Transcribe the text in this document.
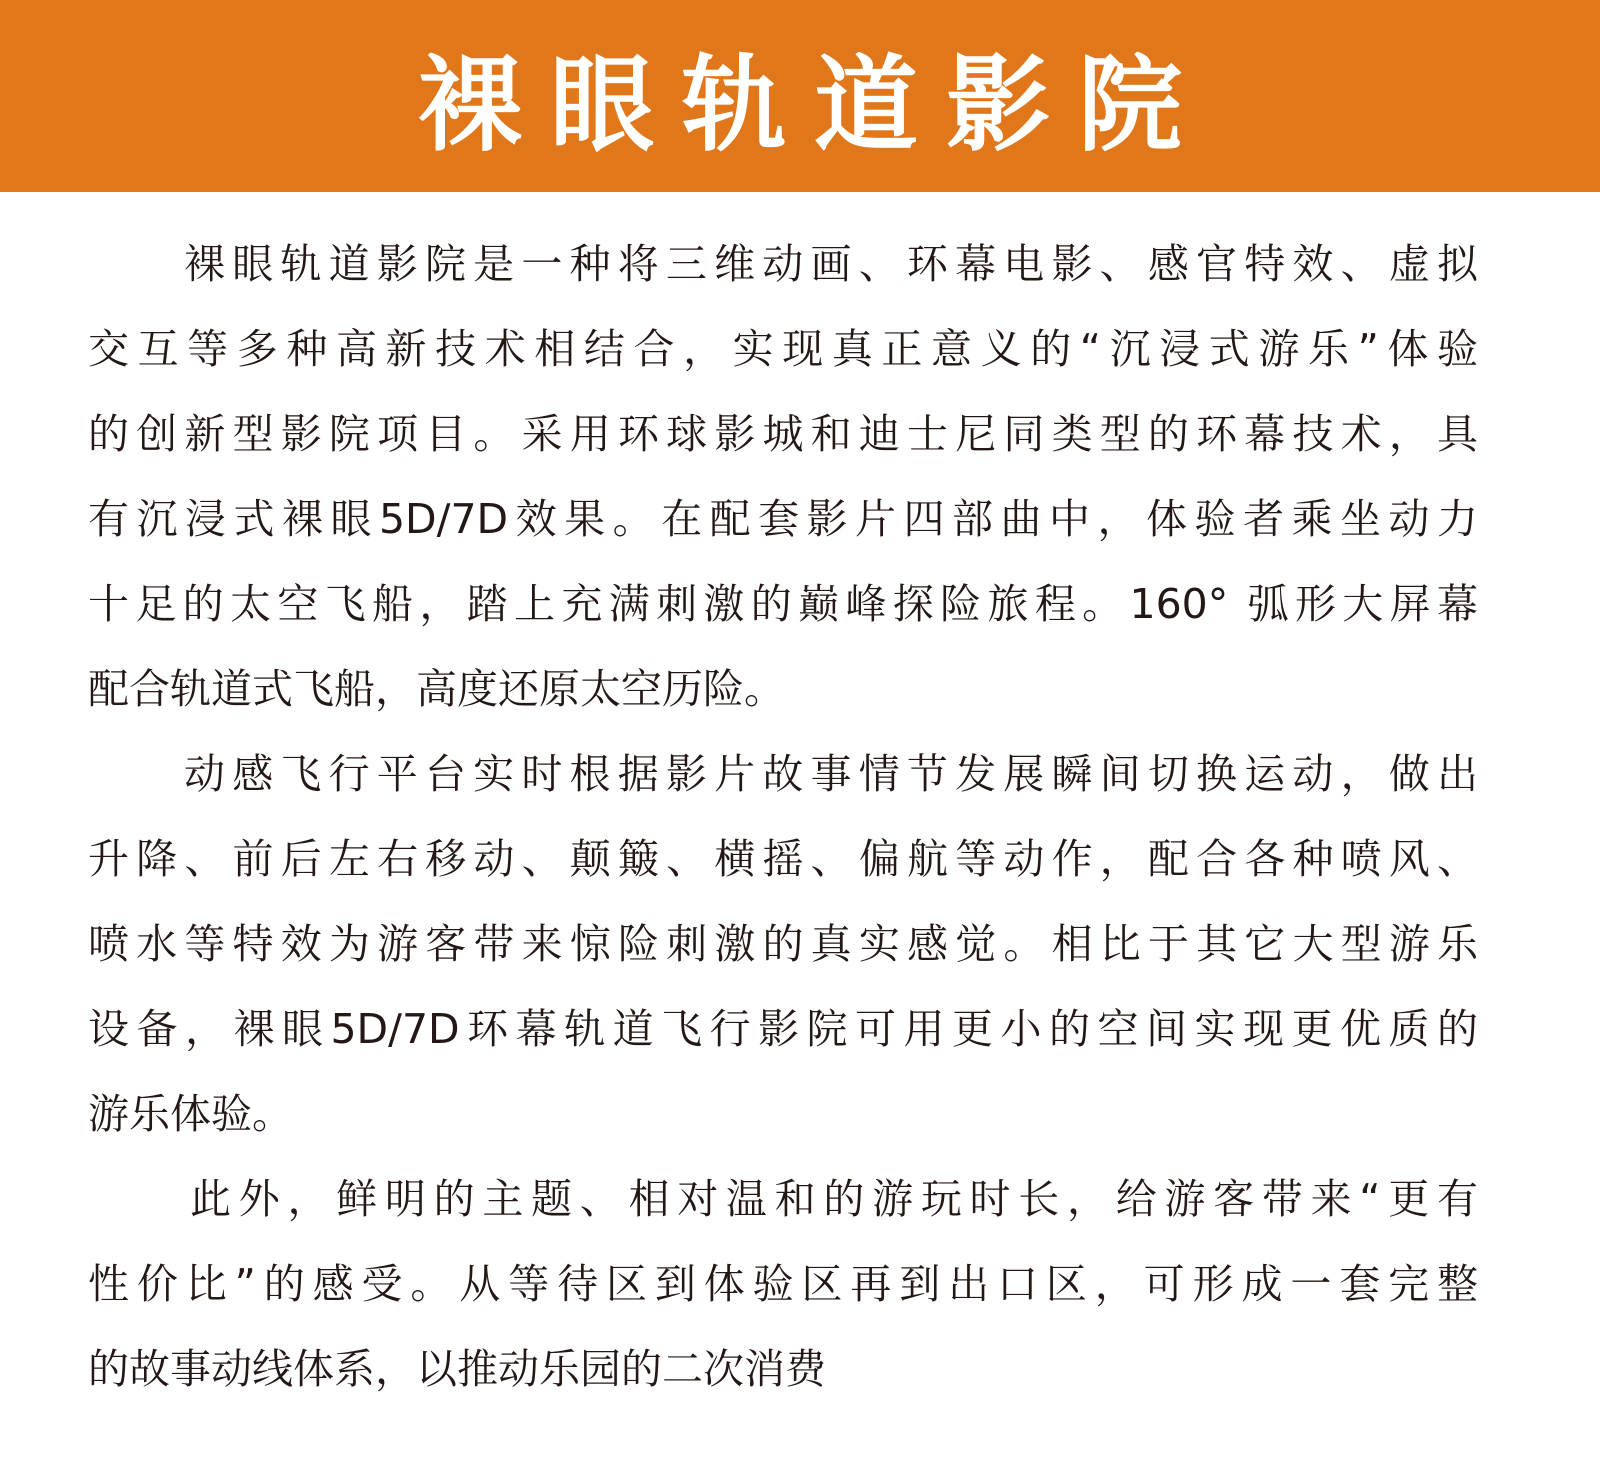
裸眼轨道影院
裸眼轨道影院是一种将三维动画、环幕电影、感官特效、虚拟
交互等多种高新技术相结合，实现真正意义的“沉浸式游乐”体验
的创新型影院项目。采用环球影城和迪士尼同类型的环幕技术，具
有沉浸式裸眼5D/7D效果。在配套影片四部曲中，体验者乘坐动力
十足的太空飞船，踏上充满刺激的巅峰探险旅程。160° 弧形大屏幕
配合轨道式飞船，高度还原太空历险。
动感飞行平台实时根据影片故事情节发展瞬间切换运动，做出
升降、前后左右移动、颠簸、横摇、偏航等动作，配合各种喷风、
喷水等特效为游客带来惊险刺激的真实感觉。相比于其它大型游乐
设备，裸眼5D/7D环幕轨道飞行影院可用更小的空间实现更优质的
游乐体验。
此外，鲜明的主题、相对温和的游玩时长，给游客带来“更有
性价比”的感受。从等待区到体验区再到出口区，可形成一套完整
的故事动线体系，以推动乐园的二次消费
